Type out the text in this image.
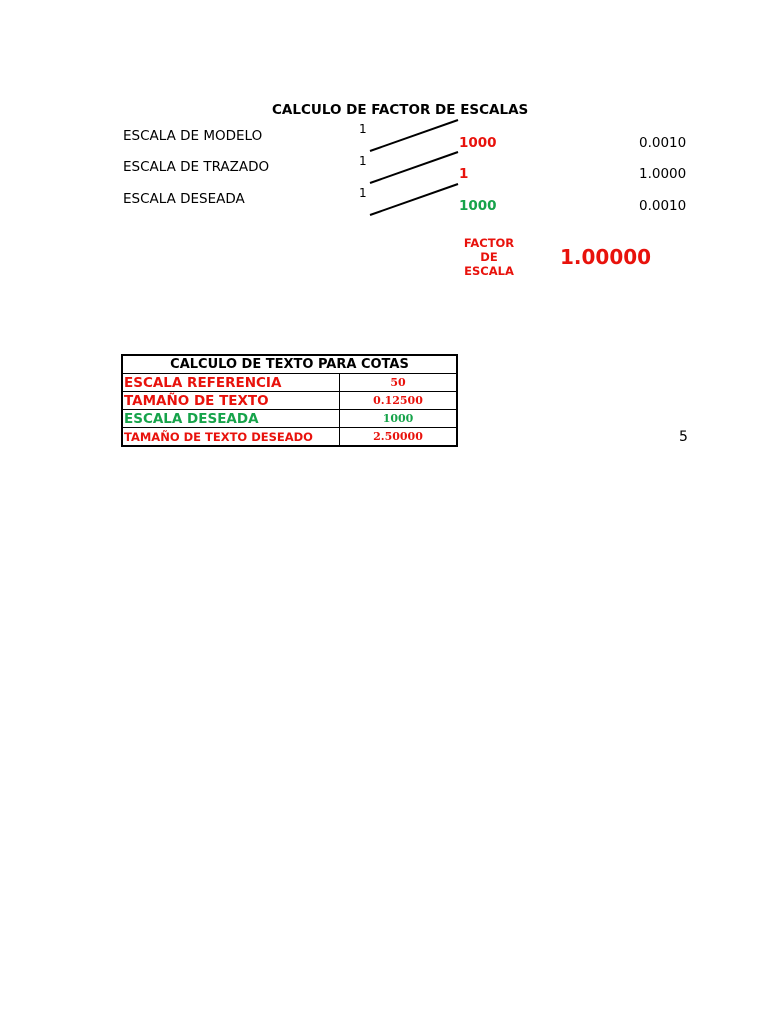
CALCULO DE FACTOR DE ESCALAS
ESCALA DE MODELO	1
1000	0.0010
ESCALA DE TRAZADO	1
1	1.0000
ESCALA DESEADA	1
1000	0.0010
FACTOR
DE
ESCALA
1.00000
CALCULO DE TEXTO PARA COTAS	
ESCALA REFERENCIA	50
TAMAÑO DE TEXTO	0.12500
ESCALA DESEADA	1000
TAMAÑO DE TEXTO DESEADO	2.50000	5
